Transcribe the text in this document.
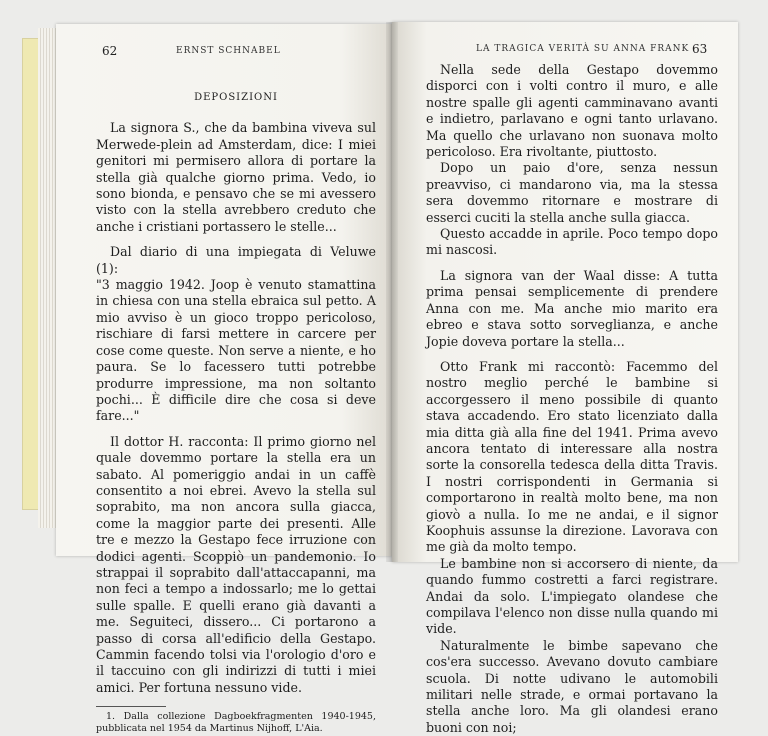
62	ERNST SCHNABEL

DEPOSIZIONI

La signora S., che da bambina viveva sul Merwede-plein ad Amsterdam, dice: I miei genitori mi permisero allora di portare la stella già qualche giorno prima. Vedo, io sono bionda, e pensavo che se mi avessero visto con la stella avrebbero creduto che anche i cristiani portassero le stelle...

Dal diario di una impiegata di Veluwe (1):

"3 maggio 1942. Joop è venuto stamattina in chiesa con una stella ebraica sul petto. A mio avviso è un gioco troppo pericoloso, rischiare di farsi mettere in carcere per cose come queste. Non serve a niente, e ho paura. Se lo facessero tutti potrebbe produrre impressione, ma non soltanto pochi... È difficile dire che cosa si deve fare..."

Il dottor H. racconta: Il primo giorno nel quale dovemmo portare la stella era un sabato. Al pomeriggio andai in un caffè consentito a noi ebrei. Avevo la stella sul soprabito, ma non ancora sulla giacca, come la maggior parte dei presenti. Alle tre e mezzo la Gestapo fece irruzione con dodici agenti. Scoppiò un pandemonio. Io strappai il soprabito dall'attaccapanni, ma non feci a tempo a indossarlo; me lo gettai sulle spalle. E quelli erano già davanti a me. Seguiteci, dissero... Ci portarono a passo di corsa all'edificio della Gestapo. Cammin facendo tolsi via l'orologio d'oro e il taccuino con gli indirizzi di tutti i miei amici. Per fortuna nessuno vide.

1. Dalla collezione Dagboekfragmenten 1940-1945, pubblicata nel 1954 da Martinus Nijhoff, L'Aia.

LA TRAGICA VERITÀ SU ANNA FRANK 63

Nella sede della Gestapo dovemmo disporci con i volti contro il muro, e alle nostre spalle gli agenti camminavano avanti e indietro, parlavano e ogni tanto urlavano. Ma quello che urlavano non suonava molto pericoloso. Era rivoltante, piuttosto.

Dopo un paio d'ore, senza nessun preavviso, ci mandarono via, ma la stessa sera dovemmo ritornare e mostrare di esserci cuciti la stella anche sulla giacca.

Questo accadde in aprile. Poco tempo dopo mi nascosi.

La signora van der Waal disse: A tutta prima pensai semplicemente di prendere Anna con me. Ma anche mio marito era ebreo e stava sotto sorveglianza, e anche Jopie doveva portare la stella...

Otto Frank mi raccontò: Facemmo del nostro meglio perché le bambine si accorgessero il meno possibile di quanto stava accadendo. Ero stato licenziato dalla mia ditta già alla fine del 1941. Prima avevo ancora tentato di interessare alla nostra sorte la consorella tedesca della ditta Travis. I nostri corrispondenti in Germania si comportarono in realtà molto bene, ma non giovò a nulla. Io me ne andai, e il signor Koophuis assunse la direzione. Lavorava con me già da molto tempo.

Le bambine non si accorsero di niente, da quando fummo costretti a farci registrare. Andai da solo. L'impiegato olandese che compilava l'elenco non disse nulla quando mi vide.

Naturalmente le bimbe sapevano che cos'era successo. Avevano dovuto cambiare scuola. Di notte udivano le automobili militari nelle strade, e ormai portavano la stella anche loro. Ma gli olandesi erano buoni con noi;
